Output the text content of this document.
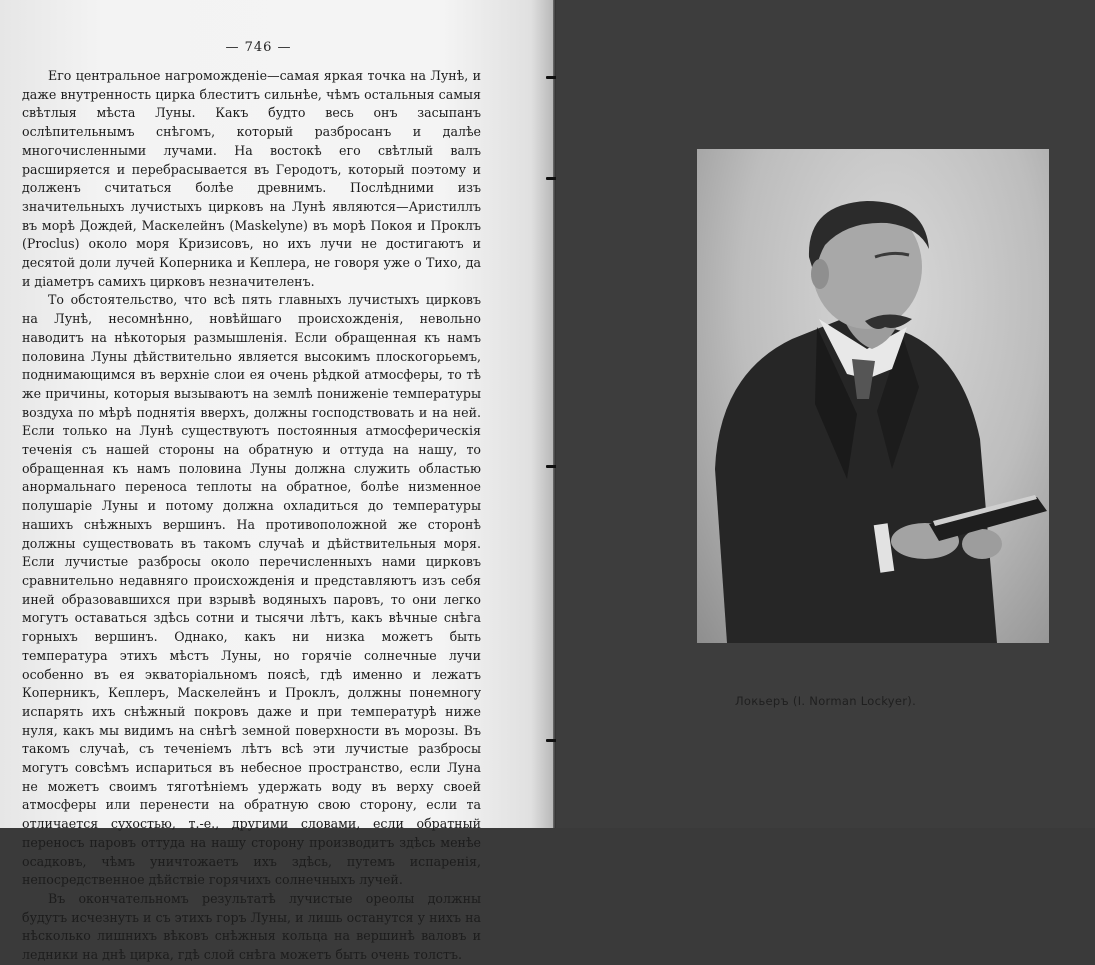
— 746 —

Его центральное нагроможденіе—самая яркая точка на Лунѣ, и даже внутренность цирка блеститъ сильнѣе, чѣмъ остальныя самыя свѣтлыя мѣста Луны. Какъ будто весь онъ засыпанъ ослѣпительнымъ снѣгомъ, который разбросанъ и далѣе многочисленными лучами. На востокѣ его свѣтлый валъ расширяется и перебрасывается въ Геродотъ, который поэтому и долженъ считаться болѣе древнимъ. Послѣдними изъ значительныхъ лучистыхъ цирковъ на Лунѣ являются—Аристиллъ въ морѣ Дождей, Маскелейнъ (Maskelyne) въ морѣ Покоя и Проклъ (Proclus) около моря Кризисовъ, но ихъ лучи не достигаютъ и десятой доли лучей Коперника и Кеплера, не говоря уже о Тихо, да и діаметръ самихъ цирковъ незначителенъ.

То обстоятельство, что всѣ пять главныхъ лучистыхъ цирковъ на Лунѣ, несомнѣнно, новѣйшаго происхожденія, невольно наводитъ на нѣкоторыя размышленія. Если обращенная къ намъ половина Луны дѣйствительно является высокимъ плоскогорьемъ, поднимающимся въ верхніе слои ея очень рѣдкой атмосферы, то тѣ же причины, которыя вызываютъ на землѣ пониженіе температуры воздуха по мѣрѣ поднятія вверхъ, должны господствовать и на ней. Если только на Лунѣ существуютъ постоянныя атмосферическія теченія съ нашей стороны на обратную и оттуда на нашу, то обращенная къ намъ половина Луны должна служить областью анормальнаго переноса теплоты на обратное, болѣе низменное полушаріе Луны и потому должна охладиться до температуры нашихъ снѣжныхъ вершинъ. На противоположной же сторонѣ должны существовать въ такомъ случаѣ и дѣйствительныя моря. Если лучистые разбросы около перечисленныхъ нами цирковъ сравнительно недавняго происхожденія и представляютъ изъ себя иней образовавшихся при взрывѣ водяныхъ паровъ, то они легко могутъ оставаться здѣсь сотни и тысячи лѣтъ, какъ вѣчные снѣга горныхъ вершинъ. Однако, какъ ни низка можетъ быть температура этихъ мѣстъ Луны, но горячіе солнечные лучи особенно въ ея экваторіальномъ поясѣ, гдѣ именно и лежатъ Коперникъ, Кеплеръ, Маскелейнъ и Проклъ, должны понемногу испарять ихъ снѣжный покровъ даже и при температурѣ ниже нуля, какъ мы видимъ на снѣгѣ земной поверхности въ морозы. Въ такомъ случаѣ, съ теченіемъ лѣтъ всѣ эти лучистые разбросы могутъ совсѣмъ испариться въ небесное пространство, если Луна не можетъ своимъ тяготѣніемъ удержать воду въ верху своей атмосферы или перенести на обратную свою сторону, если та отличается сухостью, т.-е., другими словами, если обратный переносъ паровъ оттуда на нашу сторону производитъ здѣсь менѣе осадковъ, чѣмъ уничтожаетъ ихъ здѣсь, путемъ испаренія, непосредственное дѣйствіе горячихъ солнечныхъ лучей.

Въ окончательномъ результатѣ лучистые ореолы должны будутъ исчезнуть и съ этихъ горъ Луны, и лишь останутся у нихъ на нѣсколько лишнихъ вѣковъ снѣжныя кольца на вершинѣ валовъ и ледники на днѣ цирка, гдѣ слой снѣга можетъ быть очень толстъ.

Локьеръ (I. Norman Lockyer).
